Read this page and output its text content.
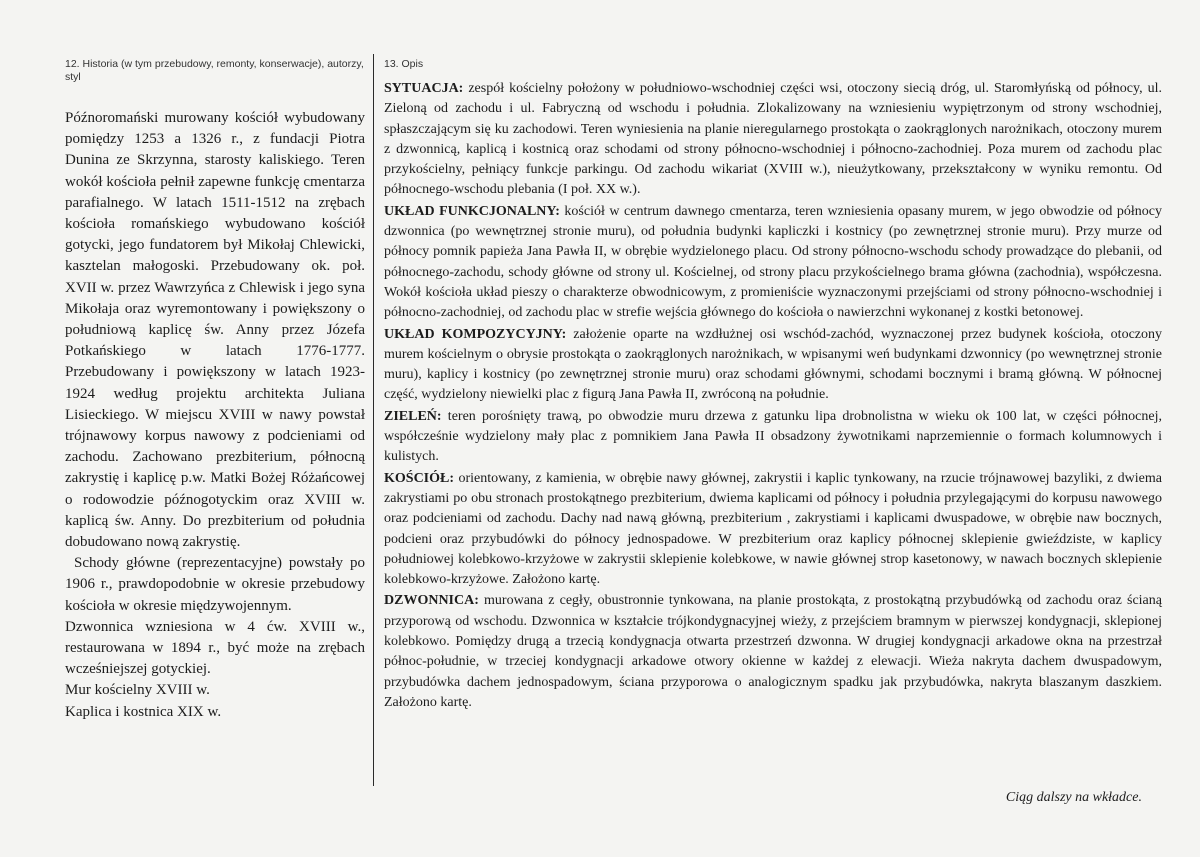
12. Historia (w tym przebudowy, remonty, konserwacje), autorzy, styl

Późnoromański murowany kościół wybudowany pomiędzy 1253 a 1326 r., z fundacji Piotra Dunina ze Skrzynna, starosty kaliskiego. Teren wokół kościoła pełnił zapewne funkcję cmentarza parafialnego. W latach 1511-1512 na zrębach kościoła romańskiego wybudowano kościół gotycki, jego fundatorem był Mikołaj Chlewicki, kasztelan małogoski. Przebudowany ok. poł. XVII w. przez Wawrzyńca z Chlewisk i jego syna Mikołaja oraz wyremontowany i powiększony o południową kaplicę św. Anny przez Józefa Potkańskiego w latach 1776-1777. Przebudowany i powiększony w latach 1923-1924 według projektu architekta Juliana Lisieckiego. W miejscu XVIII w nawy powstał trójnawowy korpus nawowy z podcieniami od zachodu. Zachowano prezbiterium, północną zakrystię i kaplicę p.w. Matki Bożej Różańcowej o rodowodzie późnogotyckim oraz XVIII w. kaplicą św. Anny. Do prezbiterium od południa dobudowano nową zakrystię.

Schody główne (reprezentacyjne) powstały po 1906 r., prawdopodobnie w okresie przebudowy kościoła w okresie międzywojennym.

Dzwonnica wzniesiona w 4 ćw. XVIII w., restaurowana w 1894 r., być może na zrębach wcześniejszej gotyckiej.

Mur kościelny XVIII w.

Kaplica i kostnica XIX w.

13. Opis

SYTUACJA: zespół kościelny położony w południowo-wschodniej części wsi, otoczony siecią dróg, ul. Staromłyńską od północy, ul. Zieloną od zachodu i ul. Fabryczną od wschodu i południa. Zlokalizowany na wzniesieniu wypiętrzonym od strony wschodniej, spłaszczającym się ku zachodowi. Teren wyniesienia na planie nieregularnego prostokąta o zaokrąglonych narożnikach, otoczony murem z dzwonnicą, kaplicą i kostnicą oraz schodami od strony północno-wschodniej i północno-zachodniej. Poza murem od zachodu plac przykościelny, pełniący funkcje parkingu. Od zachodu wikariat (XVIII w.), nieużytkowany, przekształcony w wyniku remontu. Od północnego-wschodu plebania (I poł. XX w.).

UKŁAD FUNKCJONALNY: kościół w centrum dawnego cmentarza, teren wzniesienia opasany murem, w jego obwodzie od północy dzwonnica (po wewnętrznej stronie muru), od południa budynki kapliczki i kostnicy (po zewnętrznej stronie muru). Przy murze od północy pomnik papieża Jana Pawła II, w obrębie wydzielonego placu. Od strony północno-wschodu schody prowadzące do plebanii, od północnego-zachodu, schody główne od strony ul. Kościelnej, od strony placu przykościelnego brama główna (zachodnia), współczesna. Wokół kościoła układ pieszy o charakterze obwodnicowym, z promieniście wyznaczonymi przejściami od strony północno-wschodniej i północno-zachodniej, od zachodu plac w strefie wejścia głównego do kościoła o nawierzchni wykonanej z kostki betonowej.

UKŁAD KOMPOZYCYJNY: założenie oparte na wzdłużnej osi wschód-zachód, wyznaczonej przez budynek kościoła, otoczony murem kościelnym o obrysie prostokąta o zaokrąglonych narożnikach, w wpisanymi weń budynkami dzwonnicy (po wewnętrznej stronie muru), kaplicy i kostnicy (po zewnętrznej stronie muru) oraz schodami głównymi, schodami bocznymi i bramą główną. W północnej część, wydzielony niewielki plac z figurą Jana Pawła II, zwróconą na południe.

ZIELEŃ: teren porośnięty trawą, po obwodzie muru drzewa z gatunku lipa drobnolistna w wieku ok 100 lat, w części północnej, współcześnie wydzielony mały plac z pomnikiem Jana Pawła II obsadzony żywotnikami naprzemiennie o formach kolumnowych i kulistych.

KOŚCIÓŁ: orientowany, z kamienia, w obrębie nawy głównej, zakrystii i kaplic tynkowany, na rzucie trójnawowej bazyliki, z dwiema zakrystiami po obu stronach prostokątnego prezbiterium, dwiema kaplicami od północy i południa przylegającymi do korpusu nawowego oraz podcieniami od zachodu. Dachy nad nawą główną, prezbiterium , zakrystiami i kaplicami dwuspadowe, w obrębie naw bocznych, podcieni oraz przybudówki do północy jednospadowe. W prezbiterium oraz kaplicy północnej sklepienie gwieździste, w kaplicy południowej kolebkowo-krzyżowe w zakrystii sklepienie kolebkowe, w nawie głównej strop kasetonowy, w nawach bocznych sklepienie kolebkowo-krzyżowe. Założono kartę.

DZWONNICA: murowana z cegły, obustronnie tynkowana, na planie prostokąta, z prostokątną przybudówką od zachodu oraz ścianą przyporową od wschodu. Dzwonnica w kształcie trójkondygnacyjnej wieży, z przejściem bramnym w pierwszej kondygnacji, sklepionej kolebkowo. Pomiędzy drugą a trzecią kondygnacja otwarta przestrzeń dzwonna. W drugiej kondygnacji arkadowe okna na przestrzał północ-południe, w trzeciej kondygnacji arkadowe otwory okienne w każdej z elewacji. Wieża nakryta dachem dwuspadowym, przybudówka dachem jednospadowym, ściana przyporowa o analogicznym spadku jak przybudówka, nakryta blaszanym daszkiem. Założono kartę.

Ciąg dalszy na wkładce.
